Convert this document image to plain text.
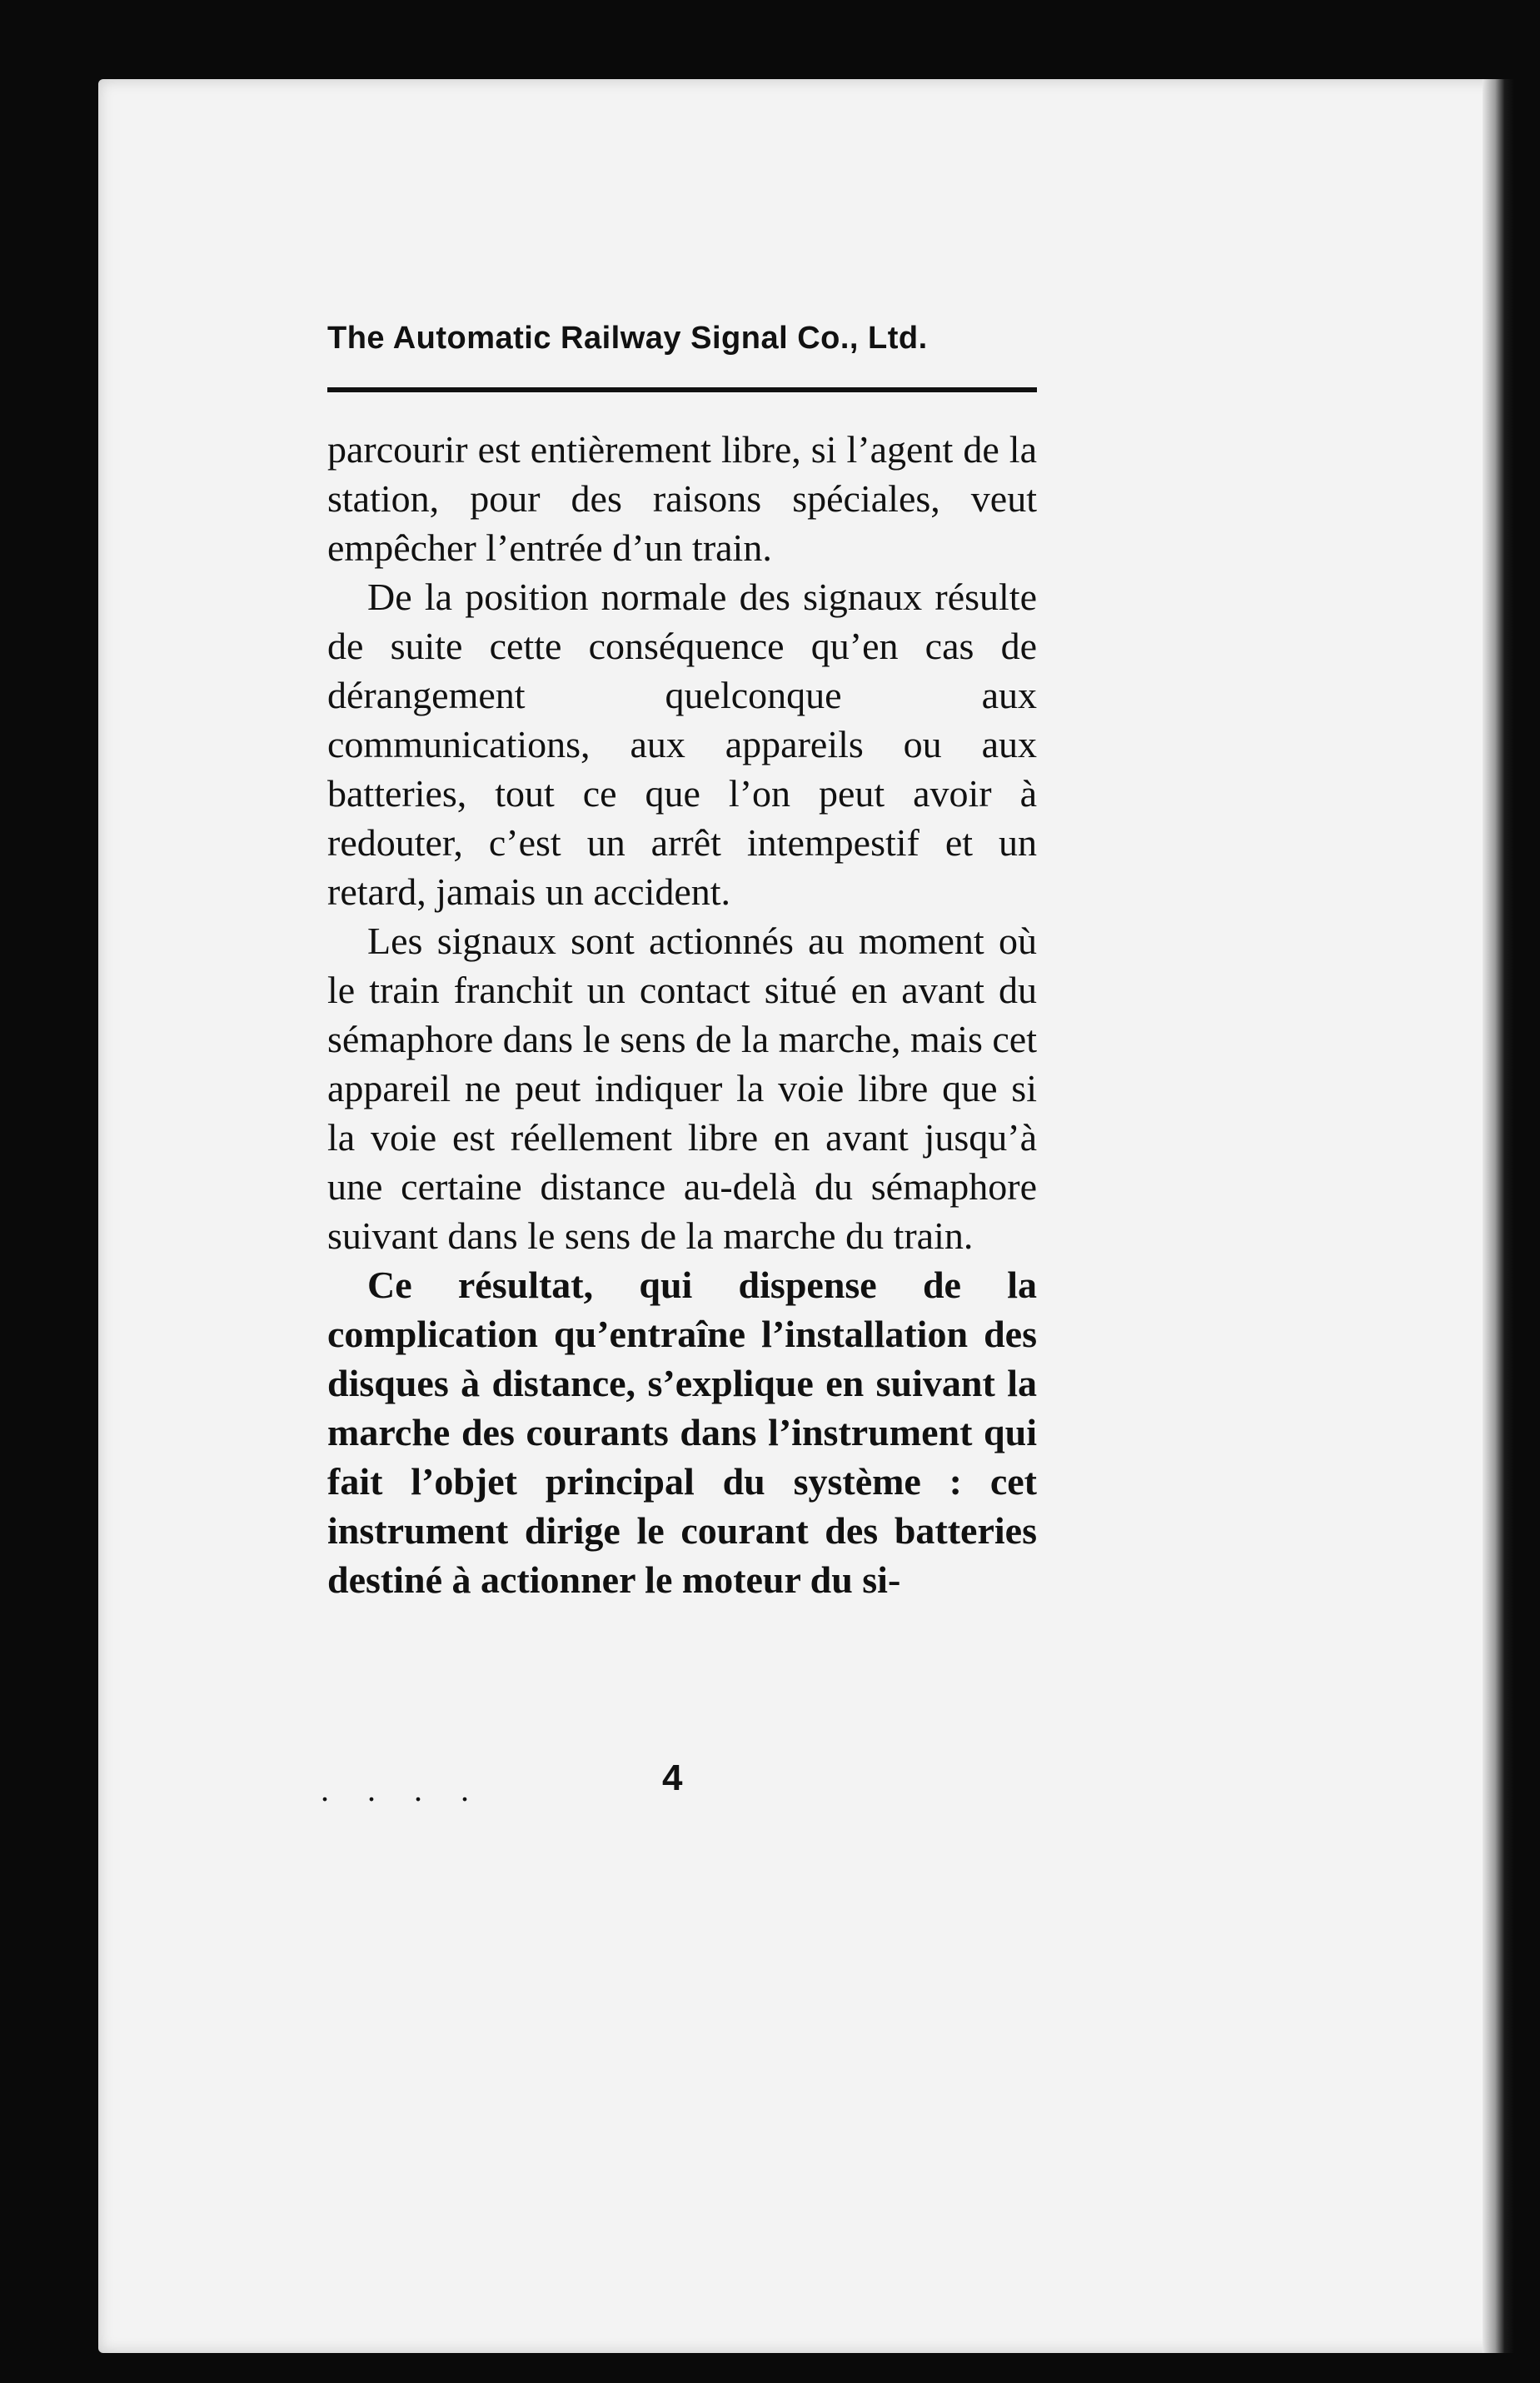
The Automatic Railway Signal Co., Ltd.

parcourir est entièrement libre, si l’agent de la station, pour des raisons spéciales, veut empêcher l’entrée d’un train.

De la position normale des signaux résulte de suite cette conséquence qu’en cas de dérangement quelconque aux communications, aux appareils ou aux batteries, tout ce que l’on peut avoir à redouter, c’est un arrêt intempestif et un retard, jamais un accident.

Les signaux sont actionnés au moment où le train franchit un contact situé en avant du sémaphore dans le sens de la marche, mais cet appareil ne peut indiquer la voie libre que si la voie est réellement libre en avant jusqu’à une certaine distance au-delà du sémaphore suivant dans le sens de la marche du train.

Ce résultat, qui dispense de la complication qu’entraîne l’installation des disques à distance, s’explique en suivant la marche des courants dans l’instrument qui fait l’objet principal du système : cet instrument dirige le courant des batteries destiné à actionner le moteur du si-

. . . .	4
